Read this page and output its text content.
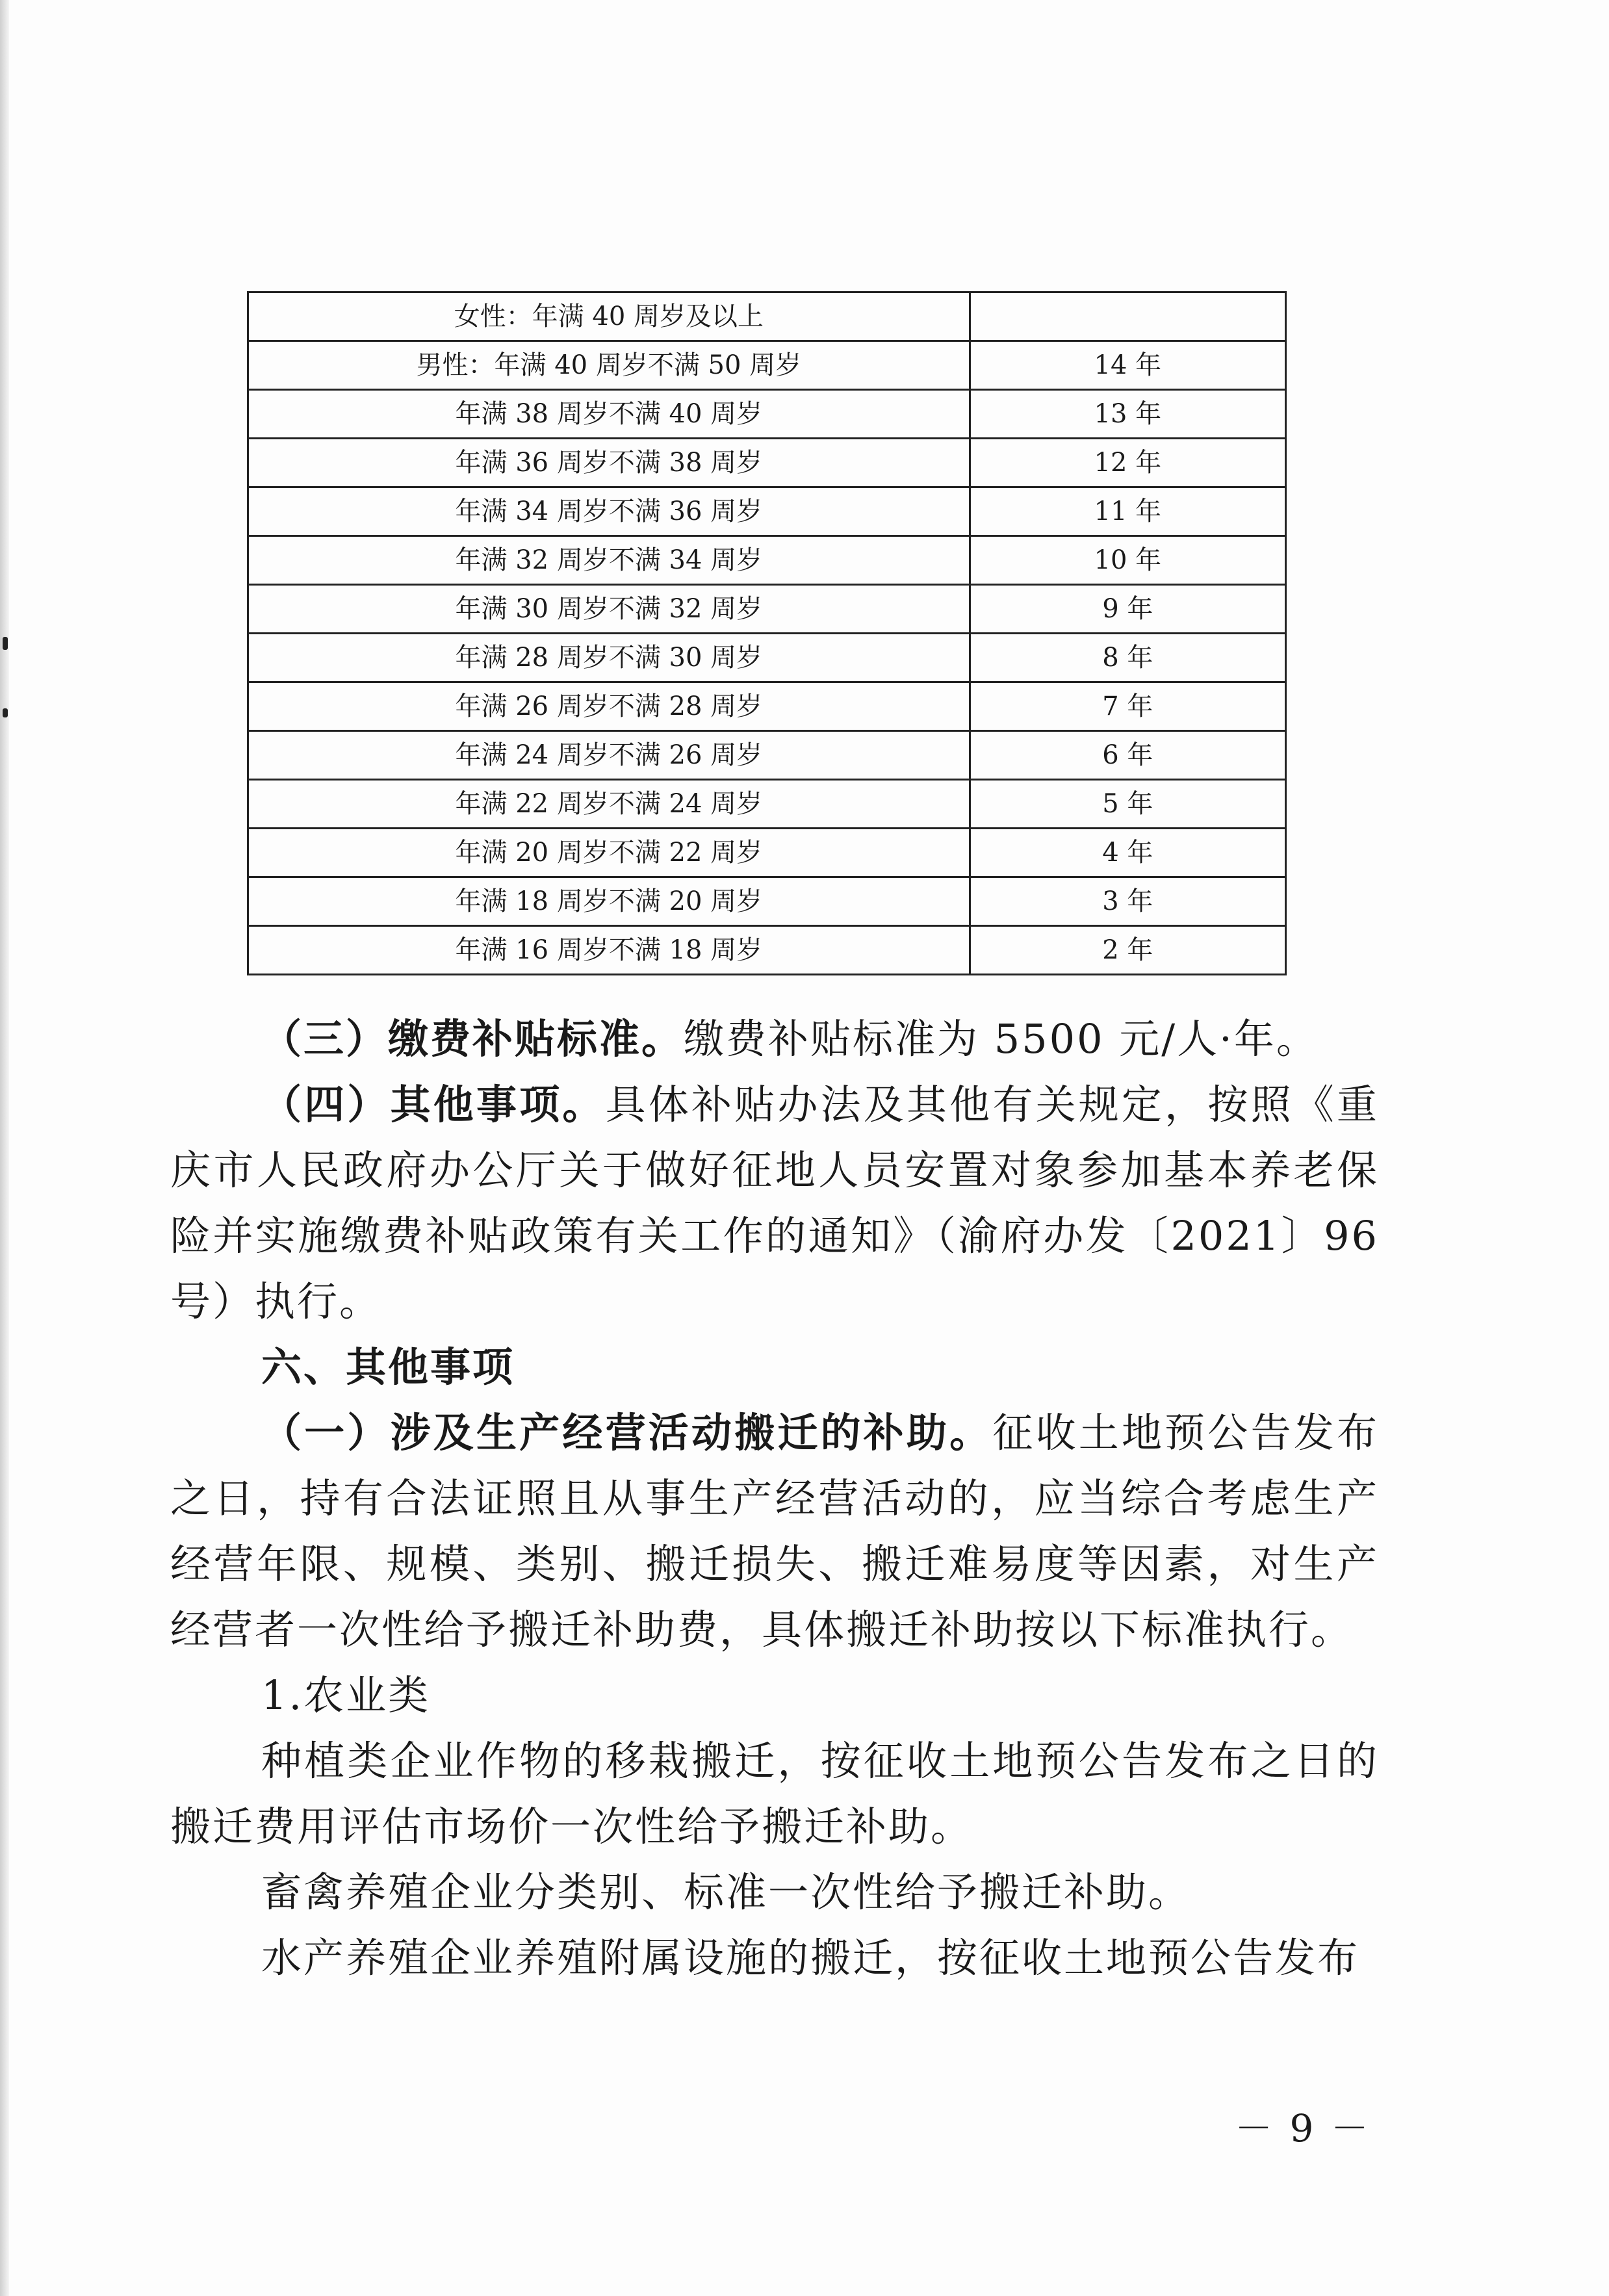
女性：年满 40 周岁及以上	
男性：年满 40 周岁不满 50 周岁	14 年
年满 38 周岁不满 40 周岁	13 年
年满 36 周岁不满 38 周岁	12 年
年满 34 周岁不满 36 周岁	11 年
年满 32 周岁不满 34 周岁	10 年
年满 30 周岁不满 32 周岁	9 年
年满 28 周岁不满 30 周岁	8 年
年满 26 周岁不满 28 周岁	7 年
年满 24 周岁不满 26 周岁	6 年
年满 22 周岁不满 24 周岁	5 年
年满 20 周岁不满 22 周岁	4 年
年满 18 周岁不满 20 周岁	3 年
年满 16 周岁不满 18 周岁	2 年

（三）缴费补贴标准。缴费补贴标准为 5500 元/人·年。

（四）其他事项。具体补贴办法及其他有关规定，按照《重庆市人民政府办公厅关于做好征地人员安置对象参加基本养老保险并实施缴费补贴政策有关工作的通知》（渝府办发〔2021〕96 号）执行。

六、其他事项

（一）涉及生产经营活动搬迁的补助。征收土地预公告发布之日，持有合法证照且从事生产经营活动的，应当综合考虑生产经营年限、规模、类别、搬迁损失、搬迁难易度等因素，对生产经营者一次性给予搬迁补助费，具体搬迁补助按以下标准执行。

1.农业类

种植类企业作物的移栽搬迁，按征收土地预公告发布之日的搬迁费用评估市场价一次性给予搬迁补助。

畜禽养殖企业分类别、标准一次性给予搬迁补助。

水产养殖企业养殖附属设施的搬迁，按征收土地预公告发布

－ 9 －
